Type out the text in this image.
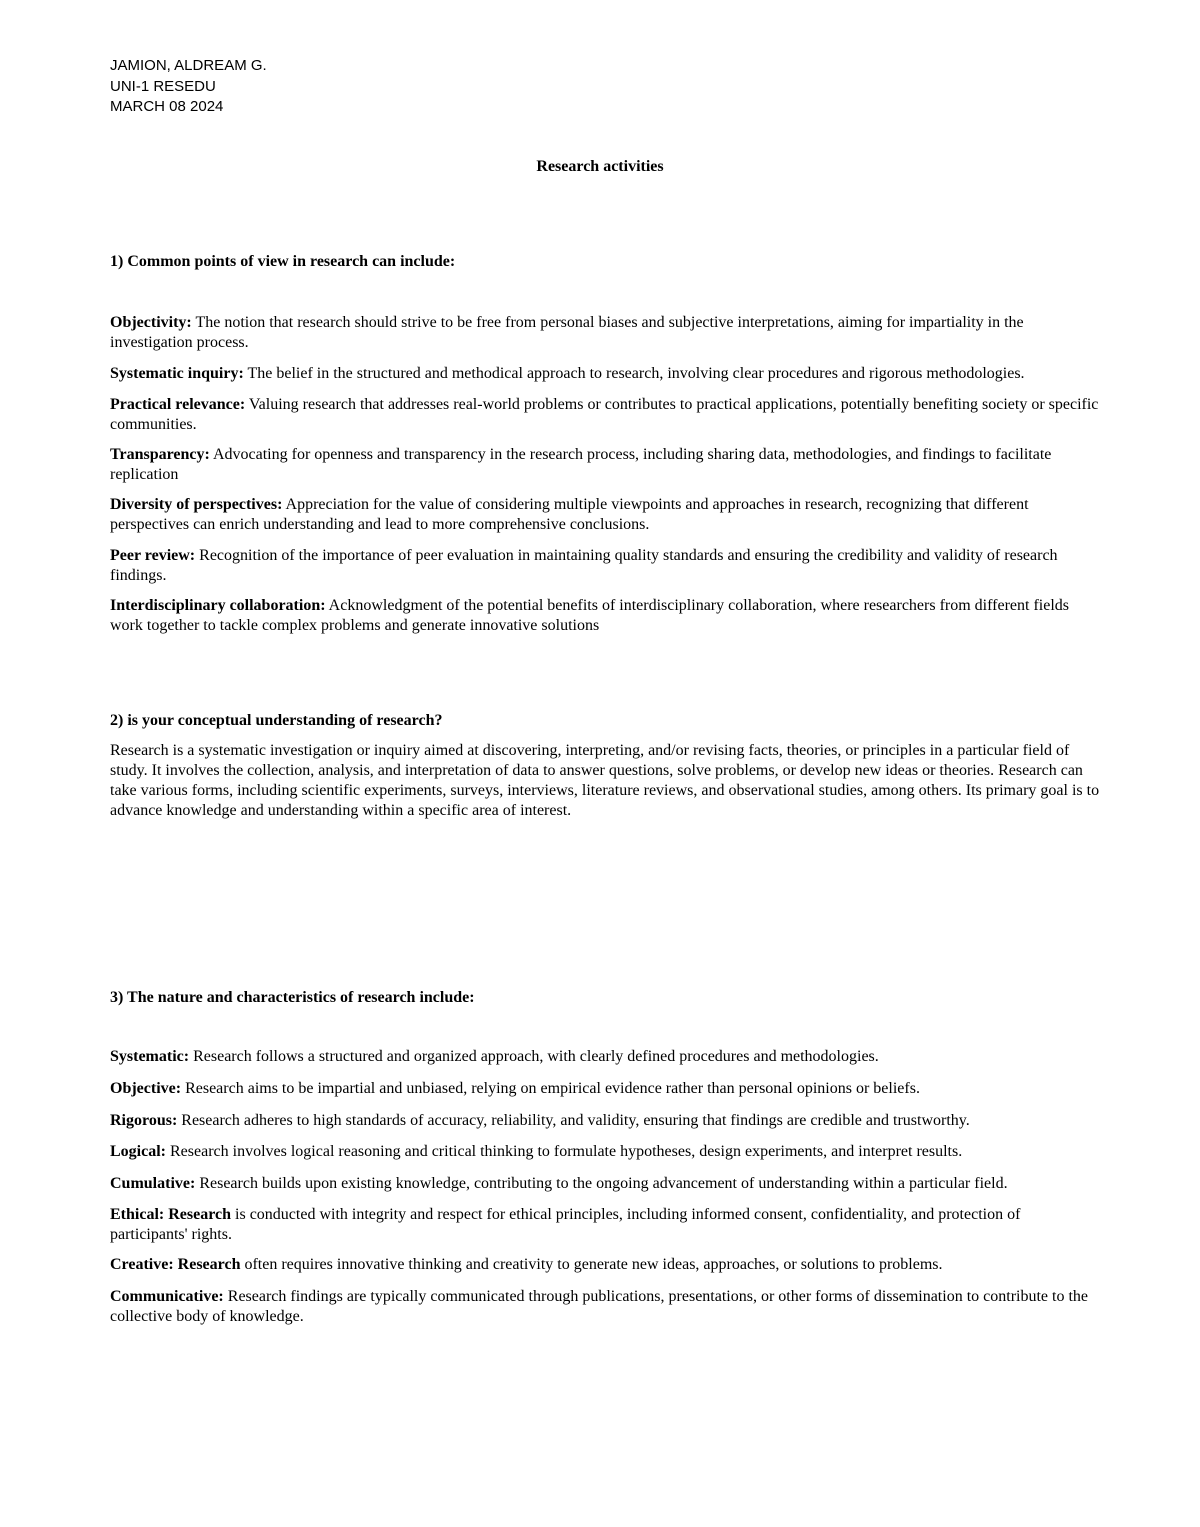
JAMION, ALDREAM G.
UNI-1 RESEDU
MARCH 08 2024
Research activities
1) Common points of view in research can include:
Objectivity: The notion that research should strive to be free from personal biases and subjective interpretations, aiming for impartiality in the investigation process.
Systematic inquiry: The belief in the structured and methodical approach to research, involving clear procedures and rigorous methodologies.
Practical relevance: Valuing research that addresses real-world problems or contributes to practical applications, potentially benefiting society or specific communities.
Transparency: Advocating for openness and transparency in the research process, including sharing data, methodologies, and findings to facilitate replication
Diversity of perspectives: Appreciation for the value of considering multiple viewpoints and approaches in research, recognizing that different perspectives can enrich understanding and lead to more comprehensive conclusions.
Peer review: Recognition of the importance of peer evaluation in maintaining quality standards and ensuring the credibility and validity of research findings.
Interdisciplinary collaboration: Acknowledgment of the potential benefits of interdisciplinary collaboration, where researchers from different fields work together to tackle complex problems and generate innovative solutions
2) is your conceptual understanding of research?
Research is a systematic investigation or inquiry aimed at discovering, interpreting, and/or revising facts, theories, or principles in a particular field of study. It involves the collection, analysis, and interpretation of data to answer questions, solve problems, or develop new ideas or theories. Research can take various forms, including scientific experiments, surveys, interviews, literature reviews, and observational studies, among others. Its primary goal is to advance knowledge and understanding within a specific area of interest.
3) The nature and characteristics of research include:
Systematic: Research follows a structured and organized approach, with clearly defined procedures and methodologies.
Objective: Research aims to be impartial and unbiased, relying on empirical evidence rather than personal opinions or beliefs.
Rigorous: Research adheres to high standards of accuracy, reliability, and validity, ensuring that findings are credible and trustworthy.
Logical: Research involves logical reasoning and critical thinking to formulate hypotheses, design experiments, and interpret results.
Cumulative: Research builds upon existing knowledge, contributing to the ongoing advancement of understanding within a particular field.
Ethical: Research is conducted with integrity and respect for ethical principles, including informed consent, confidentiality, and protection of participants' rights.
Creative: Research often requires innovative thinking and creativity to generate new ideas, approaches, or solutions to problems.
Communicative: Research findings are typically communicated through publications, presentations, or other forms of dissemination to contribute to the collective body of knowledge.
